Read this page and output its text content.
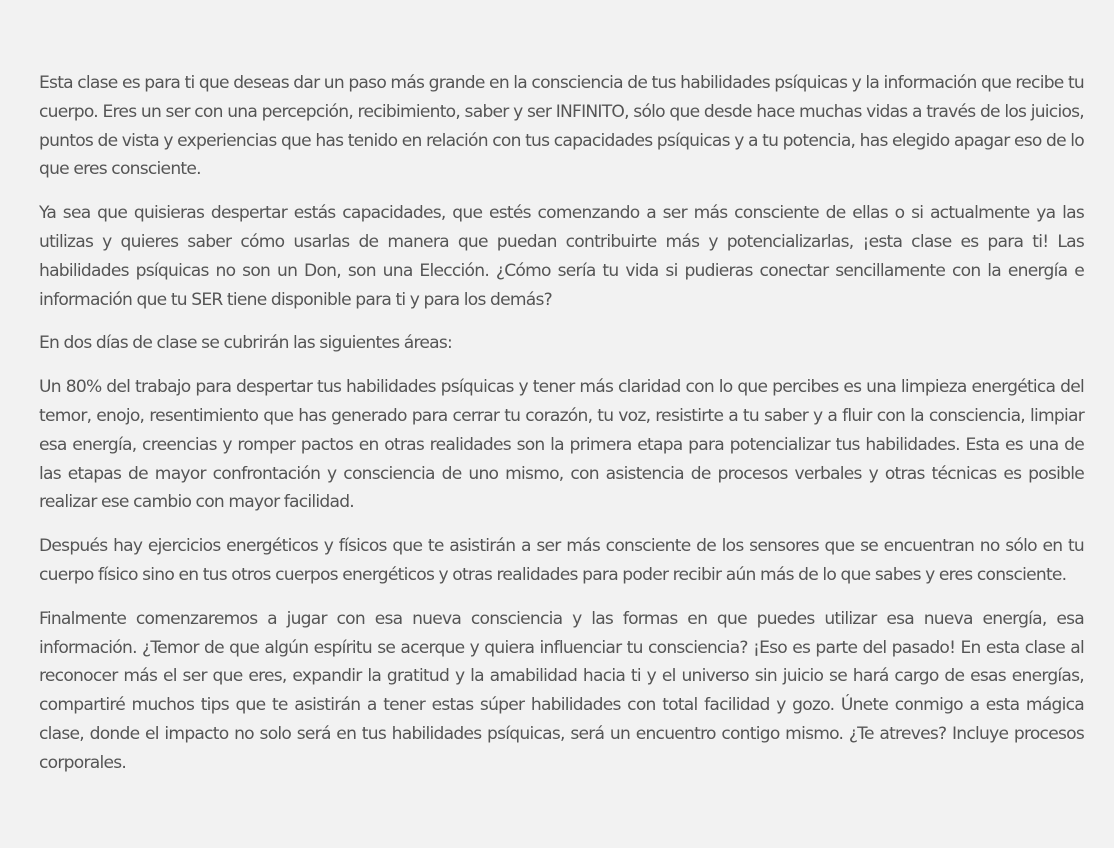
Esta clase es para ti que deseas dar un paso más grande en la consciencia de tus habilidades psíquicas y la información que recibe tu cuerpo. Eres un ser con una percepción, recibimiento, saber y ser INFINITO, sólo que desde hace muchas vidas a través de los juicios, puntos de vista y experiencias que has tenido en relación con tus capacidades psíquicas y a tu potencia, has elegido apagar eso de lo que eres consciente.

Ya sea que quisieras despertar estás capacidades, que estés comenzando a ser más consciente de ellas o si actualmente ya las utilizas y quieres saber cómo usarlas de manera que puedan contribuirte más y potencializarlas, ¡esta clase es para ti! Las habilidades psíquicas no son un Don, son una Elección. ¿Cómo sería tu vida si pudieras conectar sencillamente con la energía e información que tu SER tiene disponible para ti y para los demás?

En dos días de clase se cubrirán las siguientes áreas:

Un 80% del trabajo para despertar tus habilidades psíquicas y tener más claridad con lo que percibes es una limpieza energética del temor, enojo, resentimiento que has generado para cerrar tu corazón, tu voz, resistirte a tu saber y a fluir con la consciencia, limpiar esa energía, creencias y romper pactos en otras realidades son la primera etapa para potencializar tus habilidades. Esta es una de las etapas de mayor confrontación y consciencia de uno mismo, con asistencia de procesos verbales y otras técnicas es posible realizar ese cambio con mayor facilidad.

Después hay ejercicios energéticos y físicos que te asistirán a ser más consciente de los sensores que se encuentran no sólo en tu cuerpo físico sino en tus otros cuerpos energéticos y otras realidades para poder recibir aún más de lo que sabes y eres consciente.

Finalmente comenzaremos a jugar con esa nueva consciencia y las formas en que puedes utilizar esa nueva energía, esa información. ¿Temor de que algún espíritu se acerque y quiera influenciar tu consciencia? ¡Eso es parte del pasado! En esta clase al reconocer más el ser que eres, expandir la gratitud y la amabilidad hacia ti y el universo sin juicio se hará cargo de esas energías, compartiré muchos tips que te asistirán a tener estas súper habilidades con total facilidad y gozo. Únete conmigo a esta mágica clase, donde el impacto no solo será en tus habilidades psíquicas, será un encuentro contigo mismo. ¿Te atreves? Incluye procesos corporales.
